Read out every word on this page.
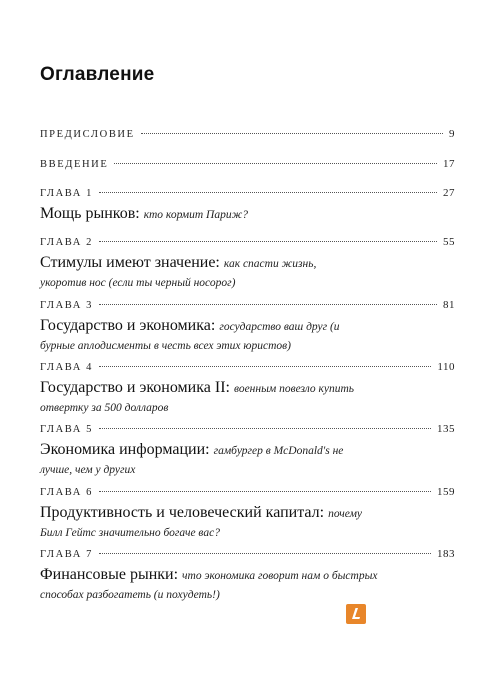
Оглавление
ПРЕДИСЛОВИЕ	9
ВВЕДЕНИЕ	17
ГЛАВА 1	27
Мощь рынков: кто кормит Париж?
ГЛАВА 2	55
Стимулы имеют значение: как спасти жизнь, укоротив нос (если ты черный носорог)
ГЛАВА 3	81
Государство и экономика: государство ваш друг (и бурные аплодисменты в честь всех этих юристов)
ГЛАВА 4	110
Государство и экономика II: военным повезло купить отвертку за 500 долларов
ГЛАВА 5	135
Экономика информации: гамбургер в McDonald's не лучше, чем у других
ГЛАВА 6	159
Продуктивность и человеческий капитал: почему Билл Гейтс значительно богаче вас?
ГЛАВА 7	183
Финансовые рынки: что экономика говорит нам о быстрых способах разбогатеть (и похудеть!)
